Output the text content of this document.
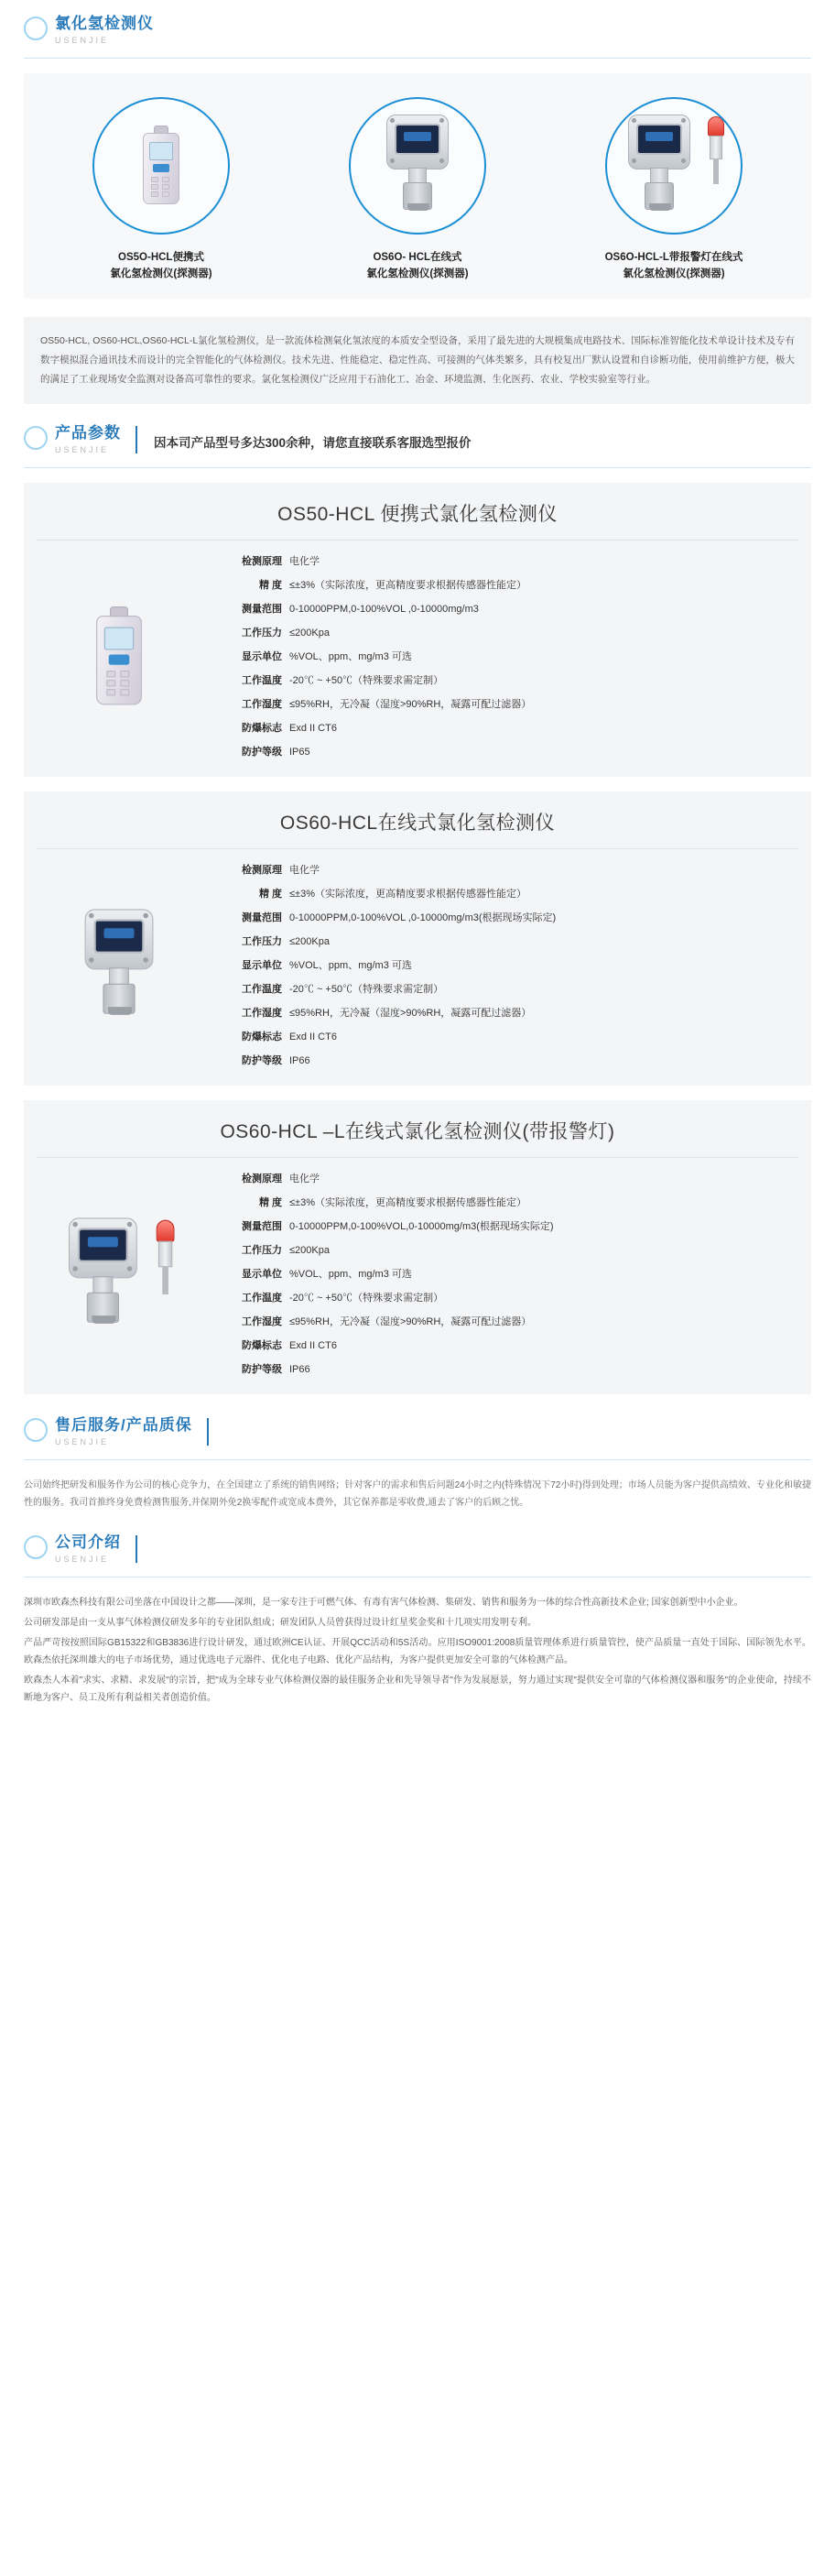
氯化氢检测仪
USENJIE
OS5O-HCL便携式
氯化氢检测仪(探测器)
OS6O- HCL在线式
氯化氢检测仪(探测器)
OS6O-HCL-L带报警灯在线式
氯化氢检测仪(探测器)
OS50-HCL, OS60-HCL,OS60-HCL-L氯化氢检测仪，是一款流体检测氣化氢浓度的本质安全型设备，采用了最先进的大规模集成电路技术、国际标准智能化技术单设计技术及专有数字模拟混合通讯技术而设计的完全智能化的气体检测仪。技术先进、性能稳定、稳定性高、可接测的气体类繁多，具有校复出厂默认设置和自诊断功能，使用前维护方便，极大的满足了工业现场安全监测对设备高可靠性的要求。氯化氢检测仪广泛应用于石油化工、冶金、环境监测、生化医药、农业、学校实验室等行业。
产品参数
USENJIE
因本司产品型号多达300余种，请您直接联系客服选型报价
OS50-HCL 便携式氯化氢检测仪
检测原理	电化学
精 度	≤±3%（实际浓度，更高精度要求根据传感器性能定）
测量范围	0-10000PPM,0-100%VOL ,0-10000mg/m3
工作压力	≤200Kpa
显示单位	%VOL、ppm、mg/m3 可选
工作温度	-20℃ ~ +50℃（特殊要求需定制）
工作湿度	≤95%RH，无冷凝（湿度>90%RH，凝露可配过滤器）
防爆标志	Exd II CT6
防护等级	IP65
OS60-HCL在线式氯化氢检测仪
检测原理	电化学
精 度	≤±3%（实际浓度，更高精度要求根据传感器性能定）
测量范围	0-10000PPM,0-100%VOL ,0-10000mg/m3(根据现场实际定)
工作压力	≤200Kpa
显示单位	%VOL、ppm、mg/m3 可选
工作温度	-20℃ ~ +50℃（特殊要求需定制）
工作湿度	≤95%RH，无冷凝（湿度>90%RH，凝露可配过滤器）
防爆标志	Exd II CT6
防护等级	IP66
OS60-HCL –L在线式氯化氢检测仪(带报警灯)
检测原理	电化学
精 度	≤±3%（实际浓度，更高精度要求根据传感器性能定）
测量范围	0-10000PPM,0-100%VOL,0-10000mg/m3(根据现场实际定)
工作压力	≤200Kpa
显示单位	%VOL、ppm、mg/m3 可选
工作温度	-20℃ ~ +50℃（特殊要求需定制）
工作湿度	≤95%RH，无冷凝（湿度>90%RH，凝露可配过滤器）
防爆标志	Exd II CT6
防护等级	IP66
售后服务/产品质保
USENJIE
公司始终把研发和服务作为公司的核心竞争力，在全国建立了系统的销售网络；针对客户的需求和售后问题24小时之内(特殊情况下72小时)得到处理；市场人员能为客户提供高绩效、专业化和敏捷性的服务。我司首推终身免费检测售服务,并保期外免2换零配件或宽成本费外，其它保养都是零收费,通去了客户的后顾之忧。
公司介绍
USENJIE

深圳市欧森杰科技有限公司坐落在中国设计之都——深圳，是一家专注于可燃气体、有毒有害气体检测、集研发、销售和服务为一体的综合性高新技术企业; 国家创新型中小企业。

公司研发部是由一支从事气体检测仪研发多年的专业团队组成；研发团队人员曾获得过设计红星奖金奖和十几项实用发明专利。

产品严苛按按照国际GB15322和GB3836进行设计研发，通过欧洲CE认证、开展QCC活动和5S活动。应用ISO9001:2008质量管理体系进行质量管控，使产品质量一直处于国际、国际领先水平。欧森杰依托深圳雄大的电子市场优势，通过优选电子元器件、优化电子电路、优化产品结构，为客户提供更加安全可靠的气体检测产品。

欧森杰人本着"求实、求精、求发展"的宗旨，把"成为全球专业气体检测仪器的最佳服务企业和先导领导者"作为发展愿景，努力通过实现"提供安全可靠的气体检测仪器和服务"的企业使命，持续不断地为客户、员工及所有利益相关者创造价值。
